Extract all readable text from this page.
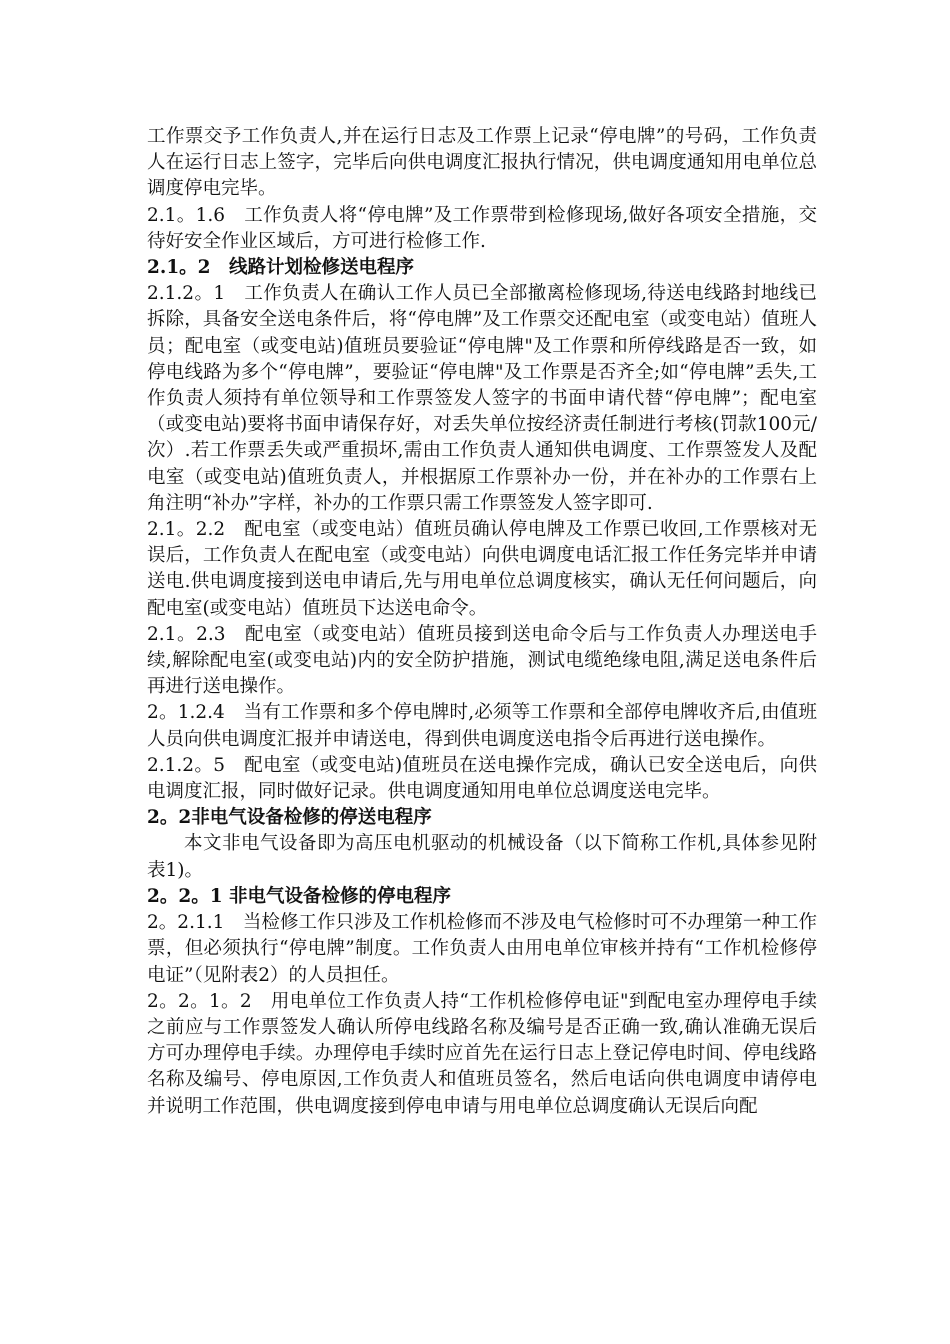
工作票交予工作负责人,并在运行日志及工作票上记录“停电牌”的号码，工作负责人在运行日志上签字，完毕后向供电调度汇报执行情况，供电调度通知用电单位总调度停电完毕。

2.1。1.6　工作负责人将“停电牌”及工作票带到检修现场,做好各项安全措施，交待好安全作业区域后，方可进行检修工作.

2.1。2　线路计划检修送电程序

2.1.2。1　工作负责人在确认工作人员已全部撤离检修现场,待送电线路封地线已拆除，具备安全送电条件后，将“停电牌”及工作票交还配电室（或变电站）值班人员；配电室（或变电站)值班员要验证“停电牌"及工作票和所停线路是否一致，如停电线路为多个“停电牌”，要验证“停电牌"及工作票是否齐全;如“停电牌”丢失,工作负责人须持有单位领导和工作票签发人签字的书面申请代替“停电牌”；配电室（或变电站)要将书面申请保存好，对丢失单位按经济责任制进行考核(罚款100元/次）.若工作票丢失或严重损坏,需由工作负责人通知供电调度、工作票签发人及配电室（或变电站)值班负责人，并根据原工作票补办一份，并在补办的工作票右上角注明“补办”字样，补办的工作票只需工作票签发人签字即可.

2.1。2.2　配电室（或变电站）值班员确认停电牌及工作票已收回,工作票核对无误后，工作负责人在配电室（或变电站）向供电调度电话汇报工作任务完毕并申请送电.供电调度接到送电申请后,先与用电单位总调度核实，确认无任何问题后，向配电室(或变电站）值班员下达送电命令。

2.1。2.3　配电室（或变电站）值班员接到送电命令后与工作负责人办理送电手续,解除配电室(或变电站)内的安全防护措施，测试电缆绝缘电阻,满足送电条件后再进行送电操作。

2。1.2.4　当有工作票和多个停电牌时,必须等工作票和全部停电牌收齐后,由值班人员向供电调度汇报并申请送电，得到供电调度送电指令后再进行送电操作。

2.1.2。5　配电室（或变电站)值班员在送电操作完成，确认已安全送电后，向供电调度汇报，同时做好记录。供电调度通知用电单位总调度送电完毕。

2。2非电气设备检修的停送电程序

本文非电气设备即为高压电机驱动的机械设备（以下简称工作机,具体参见附表1)。

2。2。1 非电气设备检修的停电程序

2。2.1.1　当检修工作只涉及工作机检修而不涉及电气检修时可不办理第一种工作票，但必须执行“停电牌”制度。工作负责人由用电单位审核并持有“工作机检修停电证”（见附表2）的人员担任。

2。2。1。2　用电单位工作负责人持“工作机检修停电证"到配电室办理停电手续之前应与工作票签发人确认所停电线路名称及编号是否正确一致,确认准确无误后方可办理停电手续。办理停电手续时应首先在运行日志上登记停电时间、停电线路名称及编号、停电原因,工作负责人和值班员签名，然后电话向供电调度申请停电并说明工作范围，供电调度接到停电申请与用电单位总调度确认无误后向配
